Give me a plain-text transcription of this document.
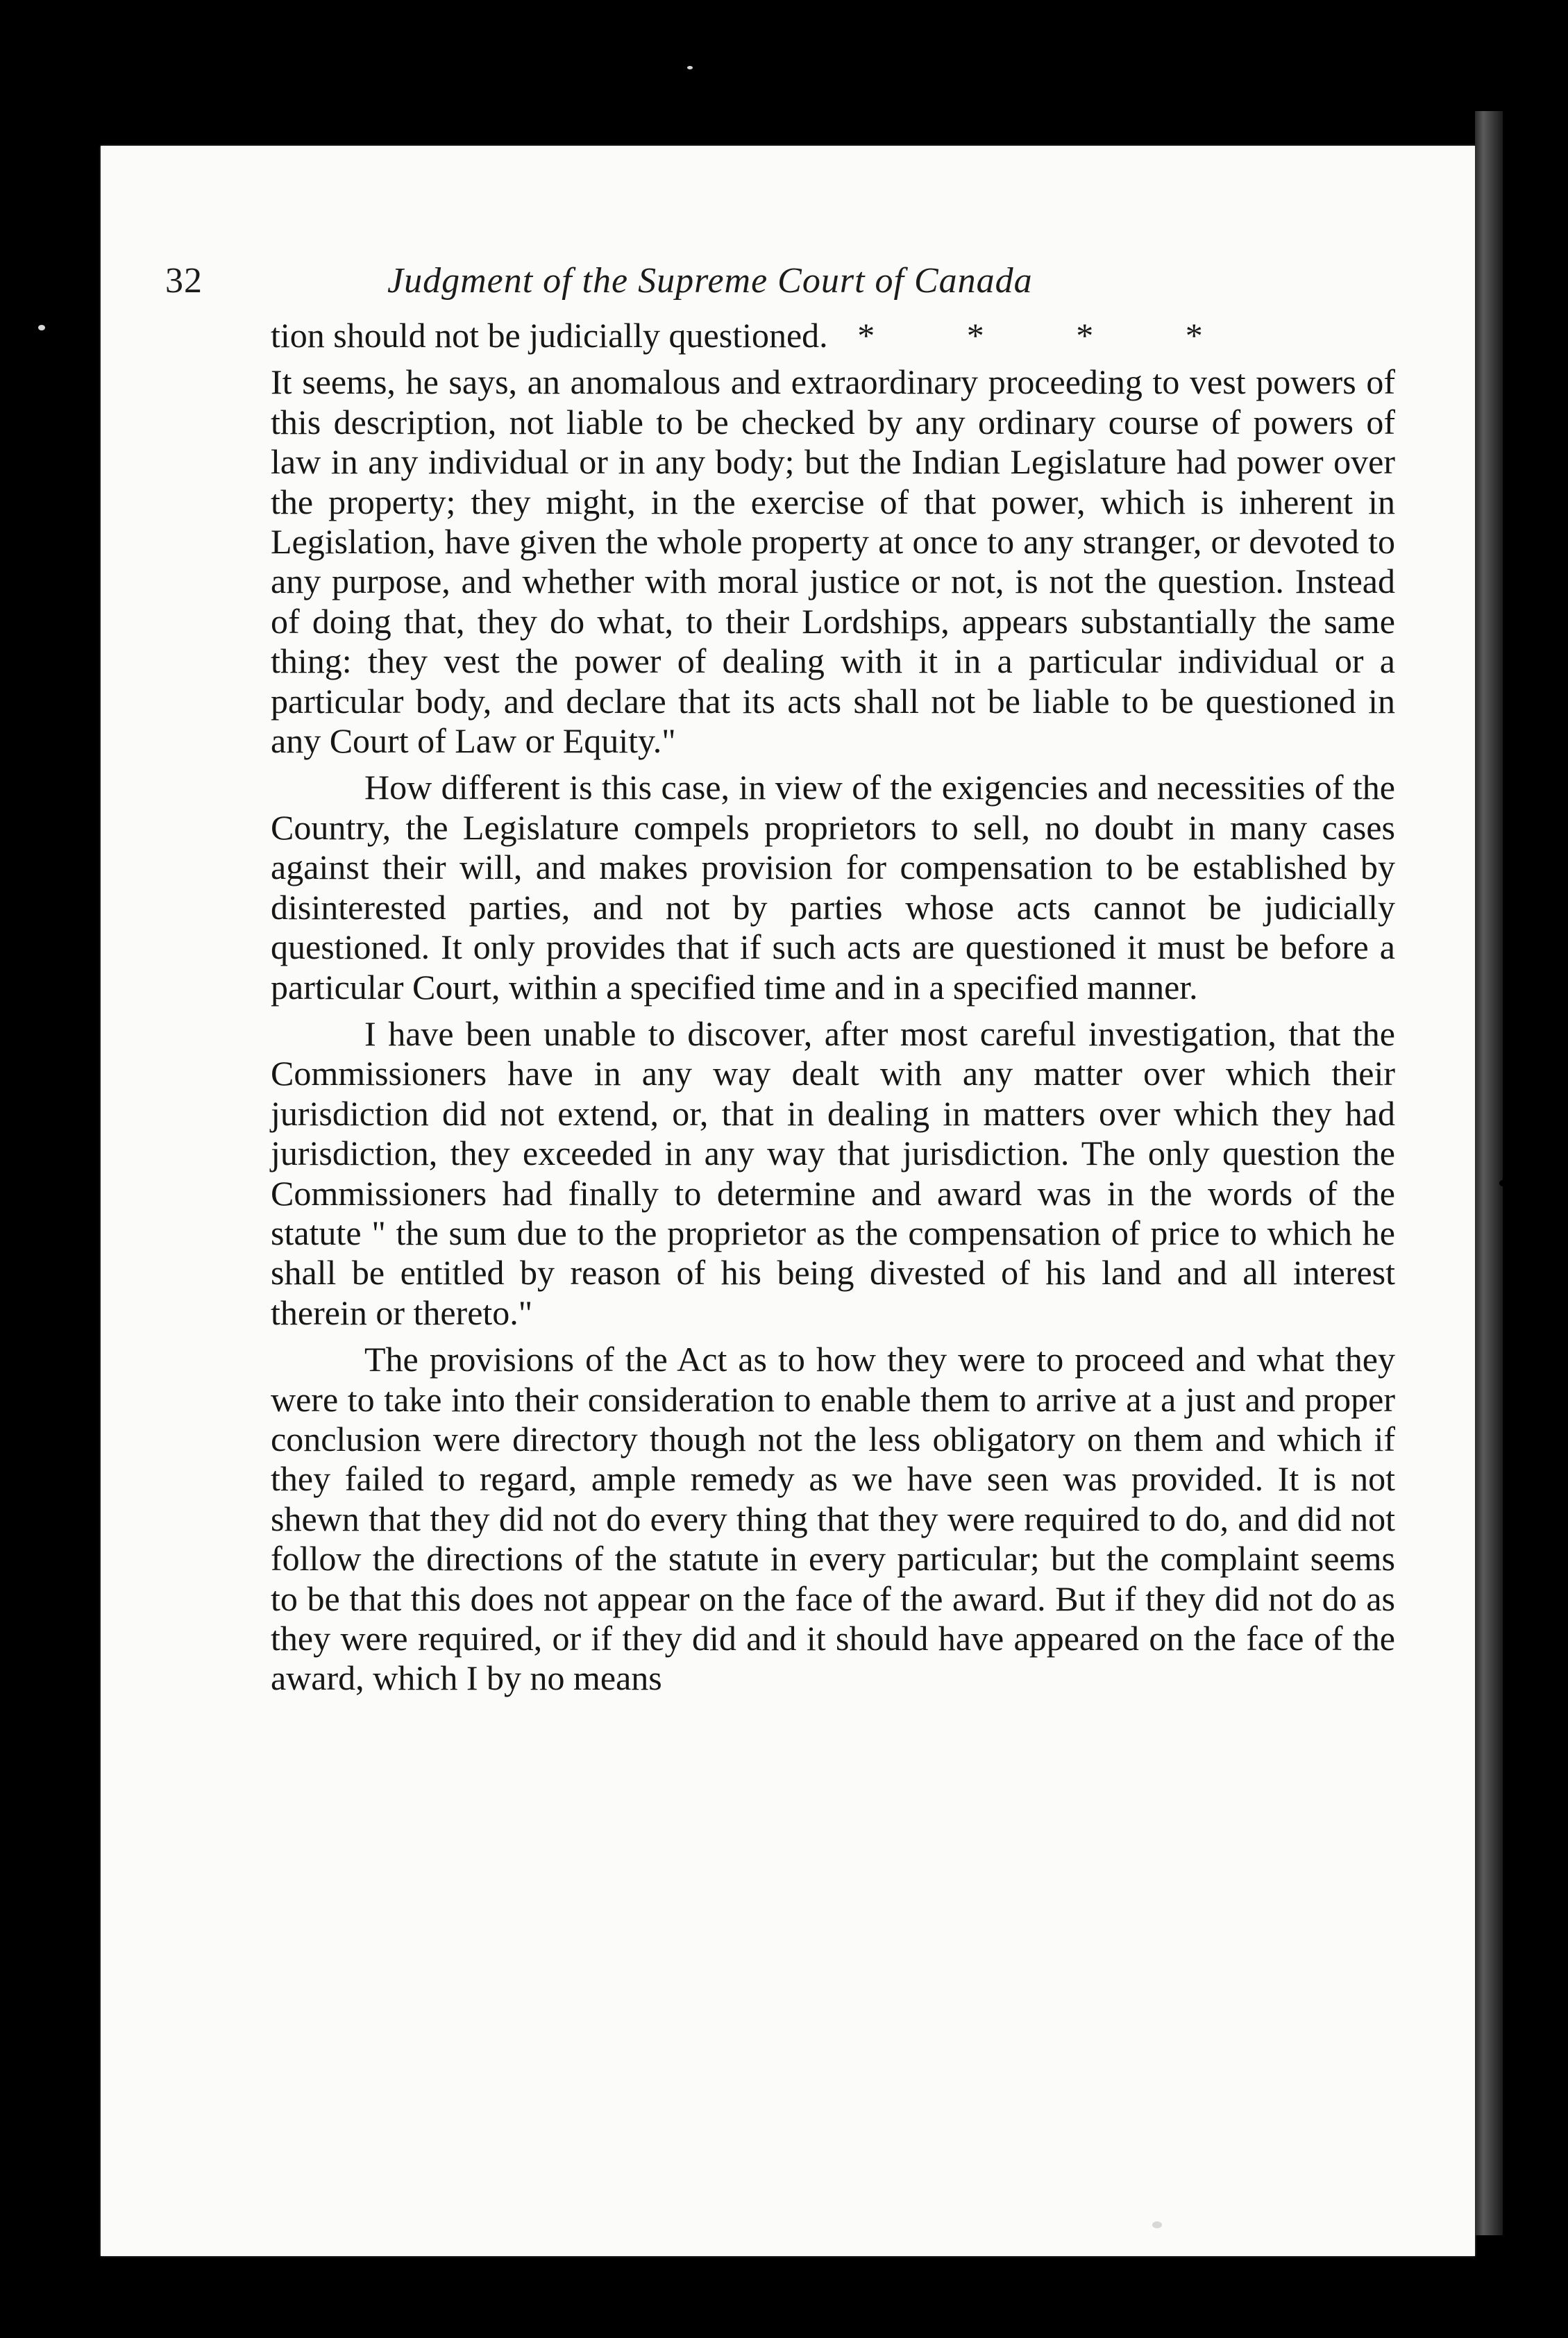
32	Judgment of the Supreme Court of Canada

tion should not be judicially questioned. * * * *

It seems, he says, an anomalous and extraordinary proceeding to vest powers of this description, not liable to be checked by any ordinary course of powers of law in any individual or in any body; but the Indian Legislature had power over the property; they might, in the exercise of that power, which is inherent in Legislation, have given the whole property at once to any stranger, or devoted to any purpose, and whether with moral justice or not, is not the question. Instead of doing that, they do what, to their Lordships, appears substantially the same thing: they vest the power of dealing with it in a particular individual or a particular body, and declare that its acts shall not be liable to be questioned in any Court of Law or Equity."

How different is this case, in view of the exigencies and necessities of the Country, the Legislature compels proprietors to sell, no doubt in many cases against their will, and makes provision for compensation to be established by disinterested parties, and not by parties whose acts cannot be judicially questioned. It only provides that if such acts are questioned it must be before a particular Court, within a specified time and in a specified manner.

I have been unable to discover, after most careful investigation, that the Commissioners have in any way dealt with any matter over which their jurisdiction did not extend, or, that in dealing in matters over which they had jurisdiction, they exceeded in any way that jurisdiction. The only question the Commissioners had finally to determine and award was in the words of the statute " the sum due to the proprietor as the compensation of price to which he shall be entitled by reason of his being divested of his land and all interest therein or thereto."

The provisions of the Act as to how they were to proceed and what they were to take into their consideration to enable them to arrive at a just and proper conclusion were directory though not the less obligatory on them and which if they failed to regard, ample remedy as we have seen was provided. It is not shewn that they did not do every thing that they were required to do, and did not follow the directions of the statute in every particular; but the complaint seems to be that this does not appear on the face of the award. But if they did not do as they were required, or if they did and it should have appeared on the face of the award, which I by no means
